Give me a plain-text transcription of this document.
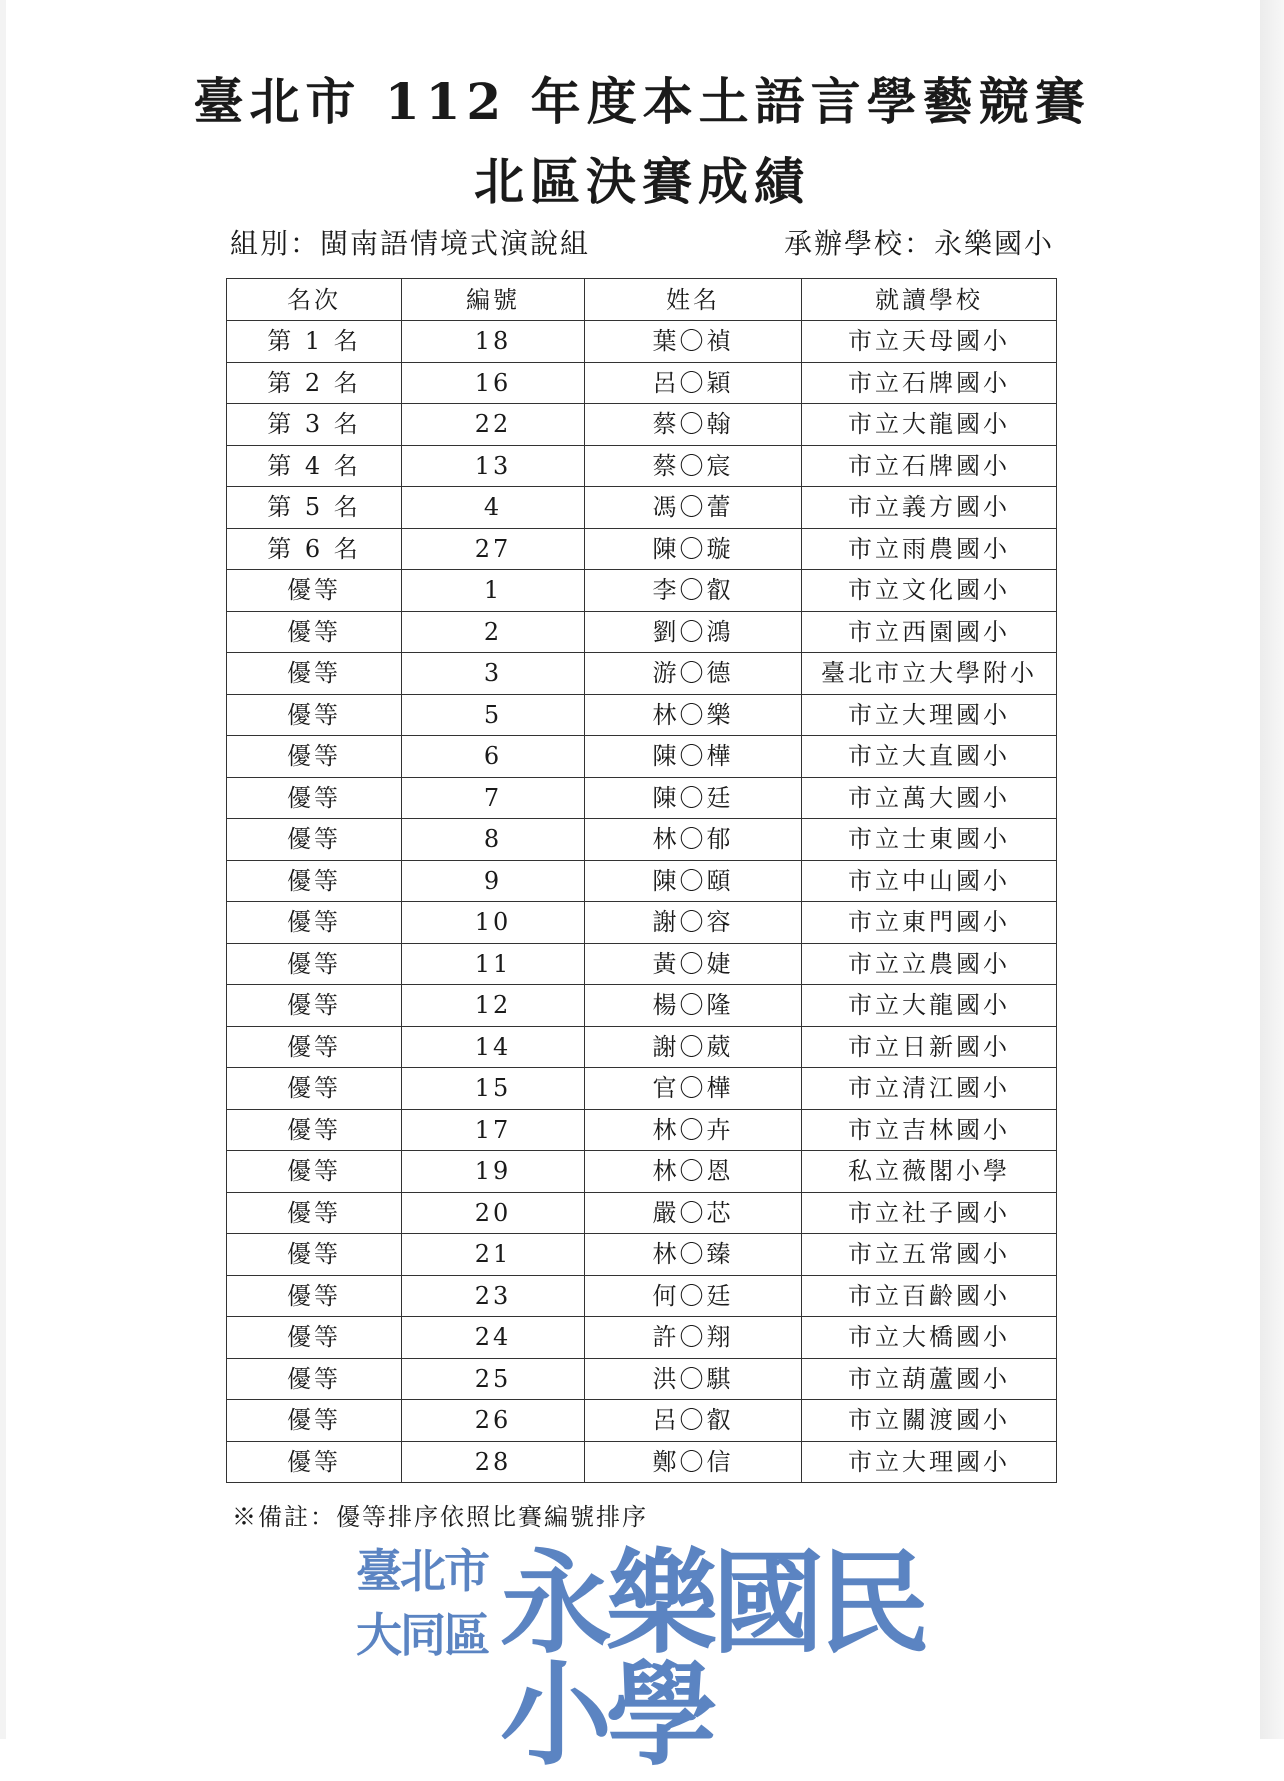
臺北市 112 年度本土語言學藝競賽
北區決賽成績
組別：閩南語情境式演說組	承辦學校：永樂國小
名次	編號	姓名	就讀學校
第 1 名	18	葉〇禎	市立天母國小
第 2 名	16	呂〇穎	市立石牌國小
第 3 名	22	蔡〇翰	市立大龍國小
第 4 名	13	蔡〇宸	市立石牌國小
第 5 名	4	馮〇蕾	市立義方國小
第 6 名	27	陳〇璇	市立雨農國小
優等	1	李〇叡	市立文化國小
優等	2	劉〇鴻	市立西園國小
優等	3	游〇德	臺北市立大學附小
優等	5	林〇樂	市立大理國小
優等	6	陳〇樺	市立大直國小
優等	7	陳〇廷	市立萬大國小
優等	8	林〇郁	市立士東國小
優等	9	陳〇頤	市立中山國小
優等	10	謝〇容	市立東門國小
優等	11	黃〇婕	市立立農國小
優等	12	楊〇隆	市立大龍國小
優等	14	謝〇葳	市立日新國小
優等	15	官〇樺	市立清江國小
優等	17	林〇卉	市立吉林國小
優等	19	林〇恩	私立薇閣小學
優等	20	嚴〇芯	市立社子國小
優等	21	林〇臻	市立五常國小
優等	23	何〇廷	市立百齡國小
優等	24	許〇翔	市立大橋國小
優等	25	洪〇騏	市立葫蘆國小
優等	26	呂〇叡	市立關渡國小
優等	28	鄭〇信	市立大理國小
※備註：優等排序依照比賽編號排序
臺北市
大同區 永樂國民小學
